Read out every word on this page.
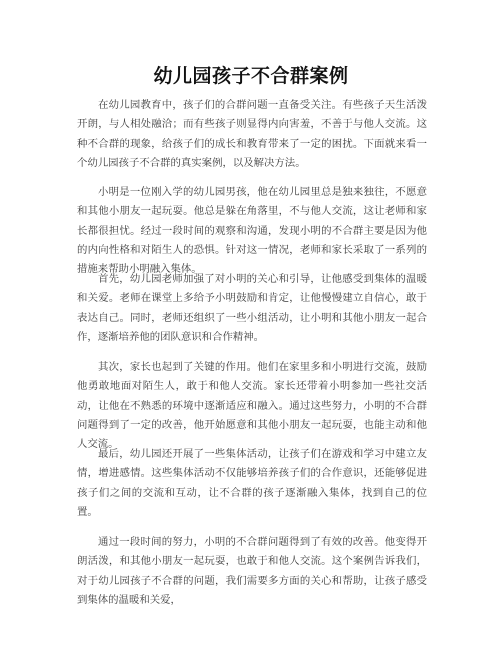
幼儿园孩子不合群案例

在幼儿园教育中，孩子们的合群问题一直备受关注。有些孩子天生活泼开朗，与人相处融洽；而有些孩子则显得内向害羞，不善于与他人交流。这种不合群的现象，给孩子们的成长和教育带来了一定的困扰。下面就来看一个幼儿园孩子不合群的真实案例，以及解决方法。

小明是一位刚入学的幼儿园男孩，他在幼儿园里总是独来独往，不愿意和其他小朋友一起玩耍。他总是躲在角落里，不与他人交流，这让老师和家长都很担忧。经过一段时间的观察和沟通，发现小明的不合群主要是因为他的内向性格和对陌生人的恐惧。针对这一情况，老师和家长采取了一系列的措施来帮助小明融入集体。

首先，幼儿园老师加强了对小明的关心和引导，让他感受到集体的温暖和关爱。老师在课堂上多给予小明鼓励和肯定，让他慢慢建立自信心，敢于表达自己。同时，老师还组织了一些小组活动，让小明和其他小朋友一起合作，逐渐培养他的团队意识和合作精神。

其次，家长也起到了关键的作用。他们在家里多和小明进行交流，鼓励他勇敢地面对陌生人，敢于和他人交流。家长还带着小明参加一些社交活动，让他在不熟悉的环境中逐渐适应和融入。通过这些努力，小明的不合群问题得到了一定的改善，他开始愿意和其他小朋友一起玩耍，也能主动和他人交流。

最后，幼儿园还开展了一些集体活动，让孩子们在游戏和学习中建立友情，增进感情。这些集体活动不仅能够培养孩子们的合作意识，还能够促进孩子们之间的交流和互动，让不合群的孩子逐渐融入集体，找到自己的位置。

通过一段时间的努力，小明的不合群问题得到了有效的改善。他变得开朗活泼，和其他小朋友一起玩耍，也敢于和他人交流。这个案例告诉我们，对于幼儿园孩子不合群的问题，我们需要多方面的关心和帮助，让孩子感受到集体的温暖和关爱，
